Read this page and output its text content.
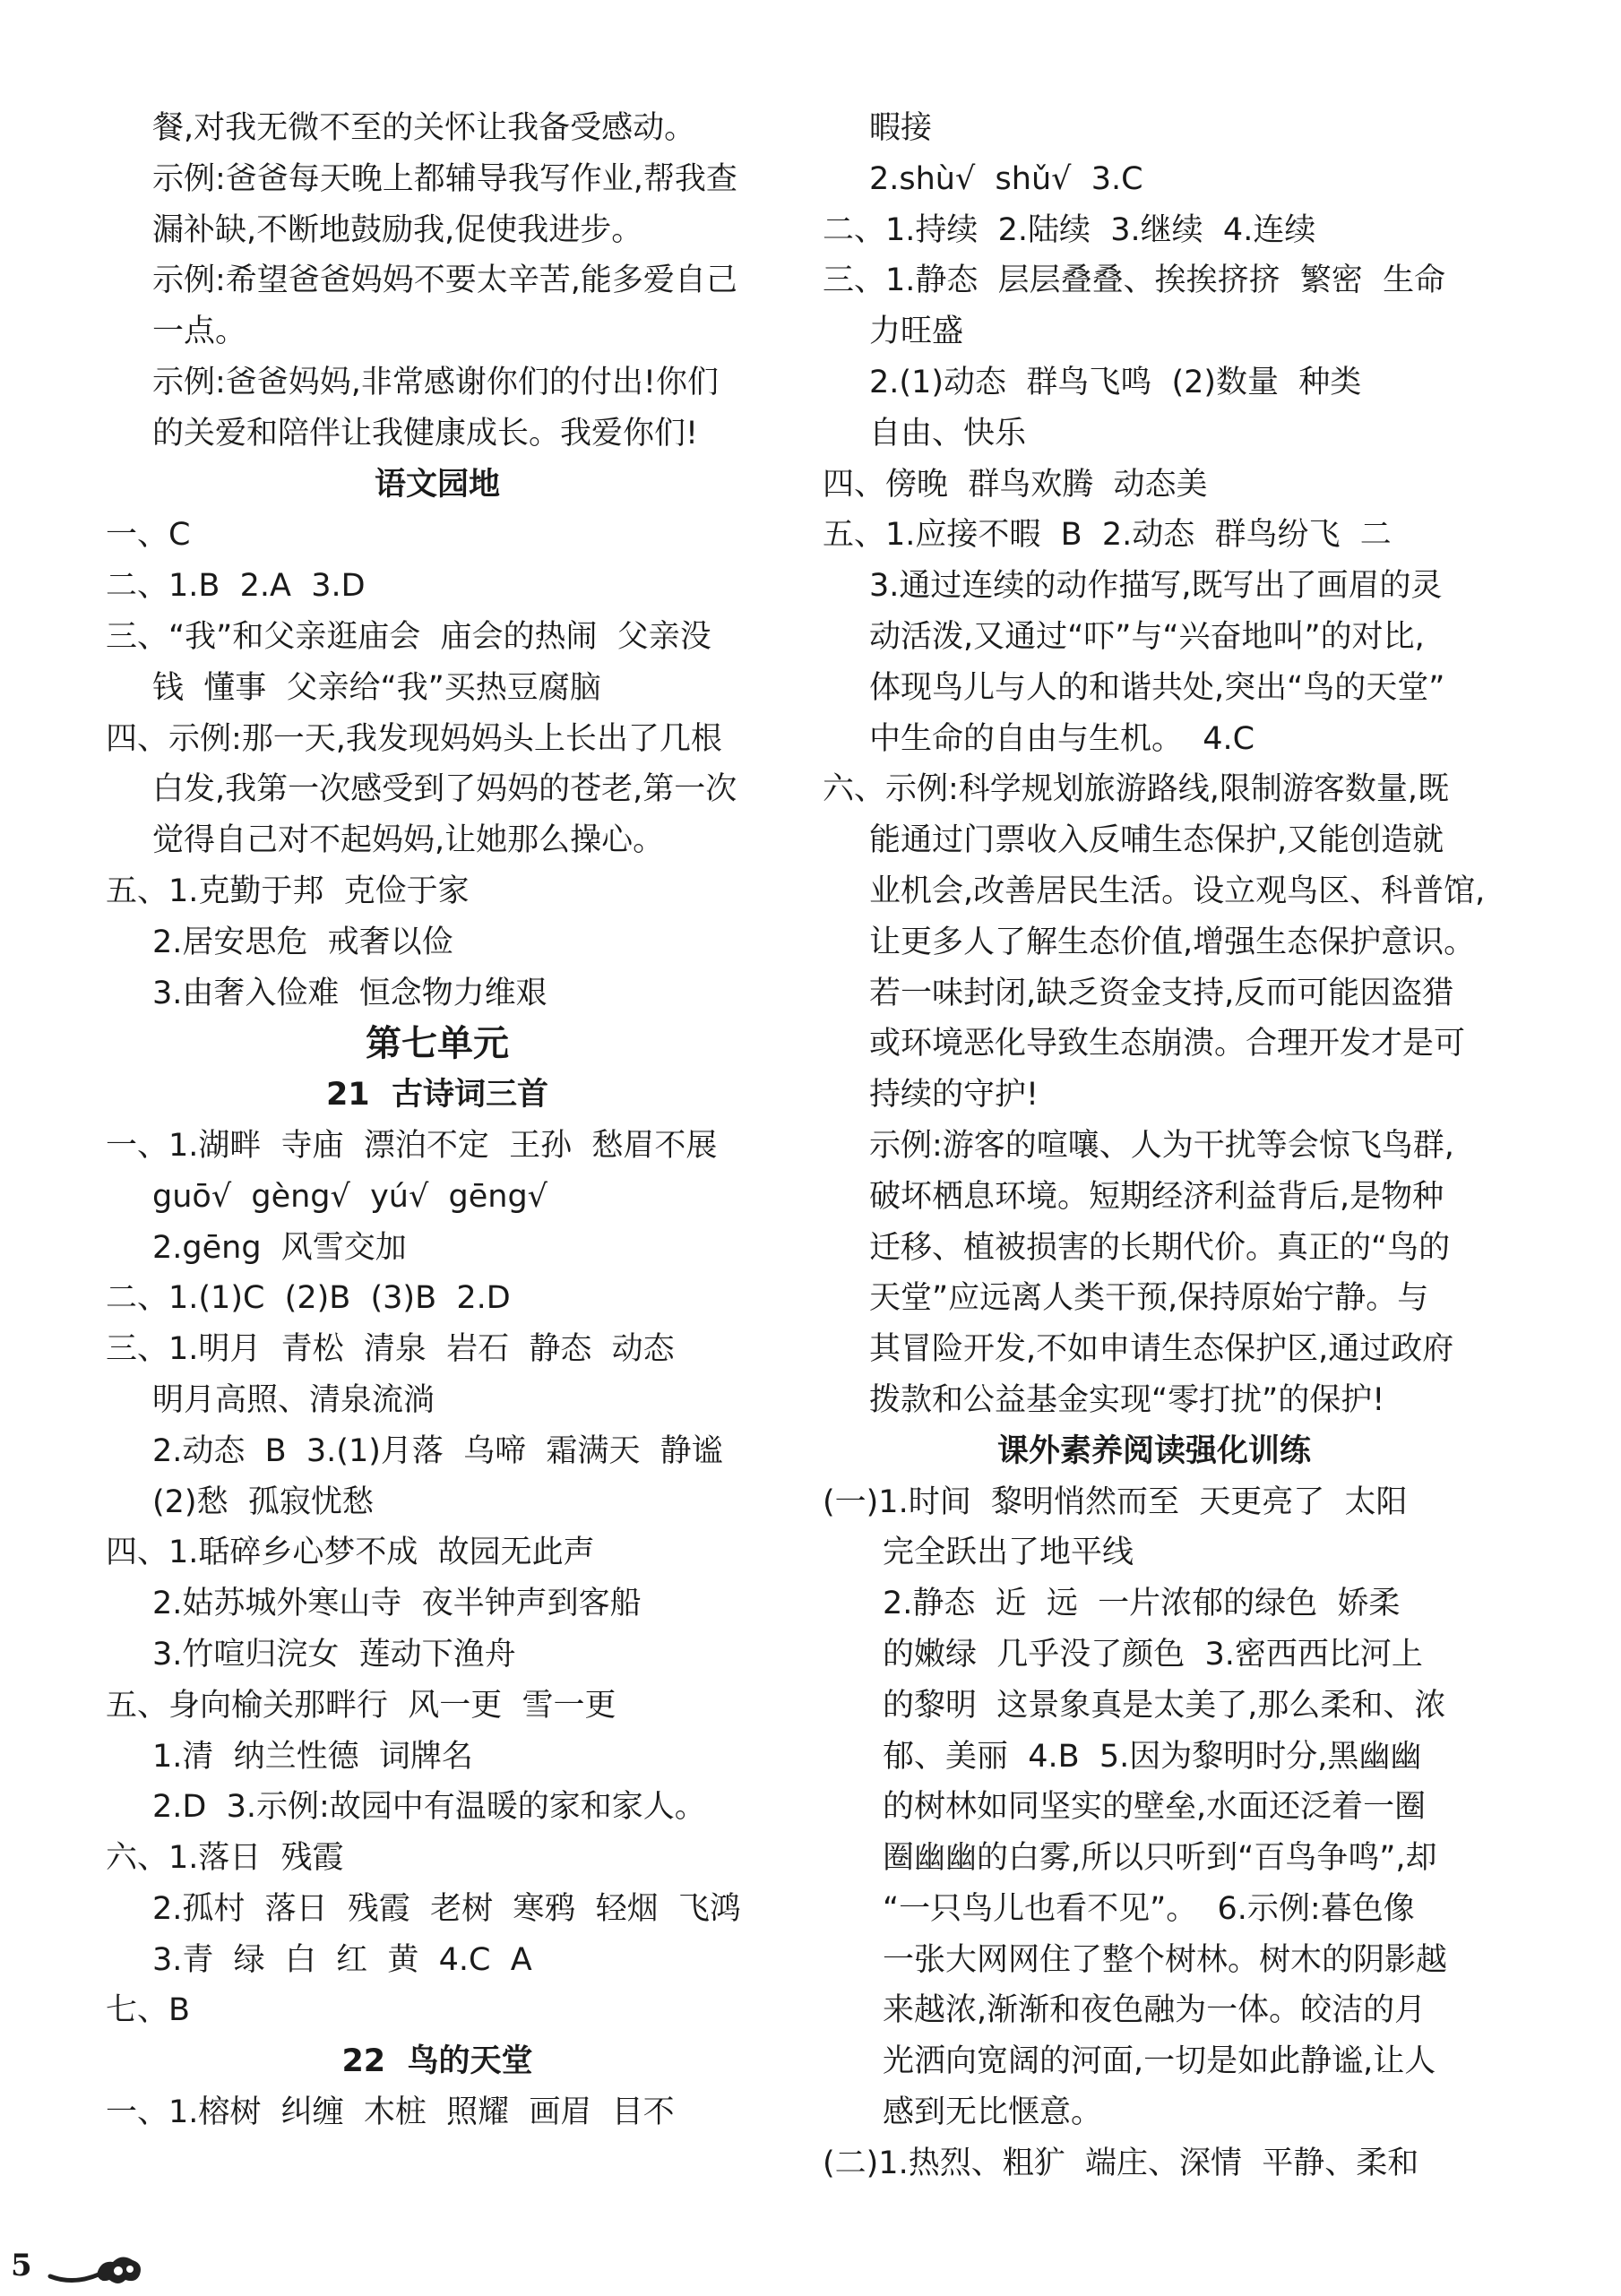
餐,对我无微不至的关怀让我备受感动。
示例:爸爸每天晚上都辅导我写作业,帮我查
漏补缺,不断地鼓励我,促使我进步。
示例:希望爸爸妈妈不要太辛苦,能多爱自己
一点。
示例:爸爸妈妈,非常感谢你们的付出!你们
的关爱和陪伴让我健康成长。我爱你们!
语文园地
一、C
二、1.B  2.A  3.D
三、“我”和父亲逛庙会  庙会的热闹  父亲没
钱  懂事  父亲给“我”买热豆腐脑
四、示例:那一天,我发现妈妈头上长出了几根
白发,我第一次感受到了妈妈的苍老,第一次
觉得自己对不起妈妈,让她那么操心。
五、1.克勤于邦  克俭于家
2.居安思危  戒奢以俭
3.由奢入俭难  恒念物力维艰
第七单元
21  古诗词三首
一、1.湖畔  寺庙  漂泊不定  王孙  愁眉不展
guō√  gèng√  yú√  gēng√
2.gēng  风雪交加
二、1.(1)C  (2)B  (3)B  2.D
三、1.明月  青松  清泉  岩石  静态  动态
明月高照、清泉流淌
2.动态  B  3.(1)月落  乌啼  霜满天  静谧
(2)愁  孤寂忧愁
四、1.聒碎乡心梦不成  故园无此声
2.姑苏城外寒山寺  夜半钟声到客船
3.竹喧归浣女  莲动下渔舟
五、身向榆关那畔行  风一更  雪一更
1.清  纳兰性德  词牌名
2.D  3.示例:故园中有温暖的家和家人。
六、1.落日  残霞
2.孤村  落日  残霞  老树  寒鸦  轻烟  飞鸿
3.青  绿  白  红  黄  4.C  A
七、B
22  鸟的天堂
一、1.榕树  纠缠  木桩  照耀  画眉  目不
暇接
2.shù√  shǔ√  3.C
二、1.持续  2.陆续  3.继续  4.连续
三、1.静态  层层叠叠、挨挨挤挤  繁密  生命
力旺盛
2.(1)动态  群鸟飞鸣  (2)数量  种类
自由、快乐
四、傍晚  群鸟欢腾  动态美
五、1.应接不暇  B  2.动态  群鸟纷飞  二
3.通过连续的动作描写,既写出了画眉的灵
动活泼,又通过“吓”与“兴奋地叫”的对比,
体现鸟儿与人的和谐共处,突出“鸟的天堂”
中生命的自由与生机。  4.C
六、示例:科学规划旅游路线,限制游客数量,既
能通过门票收入反哺生态保护,又能创造就
业机会,改善居民生活。设立观鸟区、科普馆,
让更多人了解生态价值,增强生态保护意识。
若一味封闭,缺乏资金支持,反而可能因盗猎
或环境恶化导致生态崩溃。合理开发才是可
持续的守护!
示例:游客的喧嚷、人为干扰等会惊飞鸟群,
破坏栖息环境。短期经济利益背后,是物种
迁移、植被损害的长期代价。真正的“鸟的
天堂”应远离人类干预,保持原始宁静。与
其冒险开发,不如申请生态保护区,通过政府
拨款和公益基金实现“零打扰”的保护!
课外素养阅读强化训练
(一)1.时间  黎明悄然而至  天更亮了  太阳
完全跃出了地平线
2.静态  近  远  一片浓郁的绿色  娇柔
的嫩绿  几乎没了颜色  3.密西西比河上
的黎明  这景象真是太美了,那么柔和、浓
郁、美丽  4.B  5.因为黎明时分,黑幽幽
的树林如同坚实的壁垒,水面还泛着一圈
圈幽幽的白雾,所以只听到“百鸟争鸣”,却
“一只鸟儿也看不见”。  6.示例:暮色像
一张大网网住了整个树林。树木的阴影越
来越浓,渐渐和夜色融为一体。皎洁的月
光洒向宽阔的河面,一切是如此静谧,让人
感到无比惬意。
(二)1.热烈、粗犷  端庄、深情  平静、柔和
5
